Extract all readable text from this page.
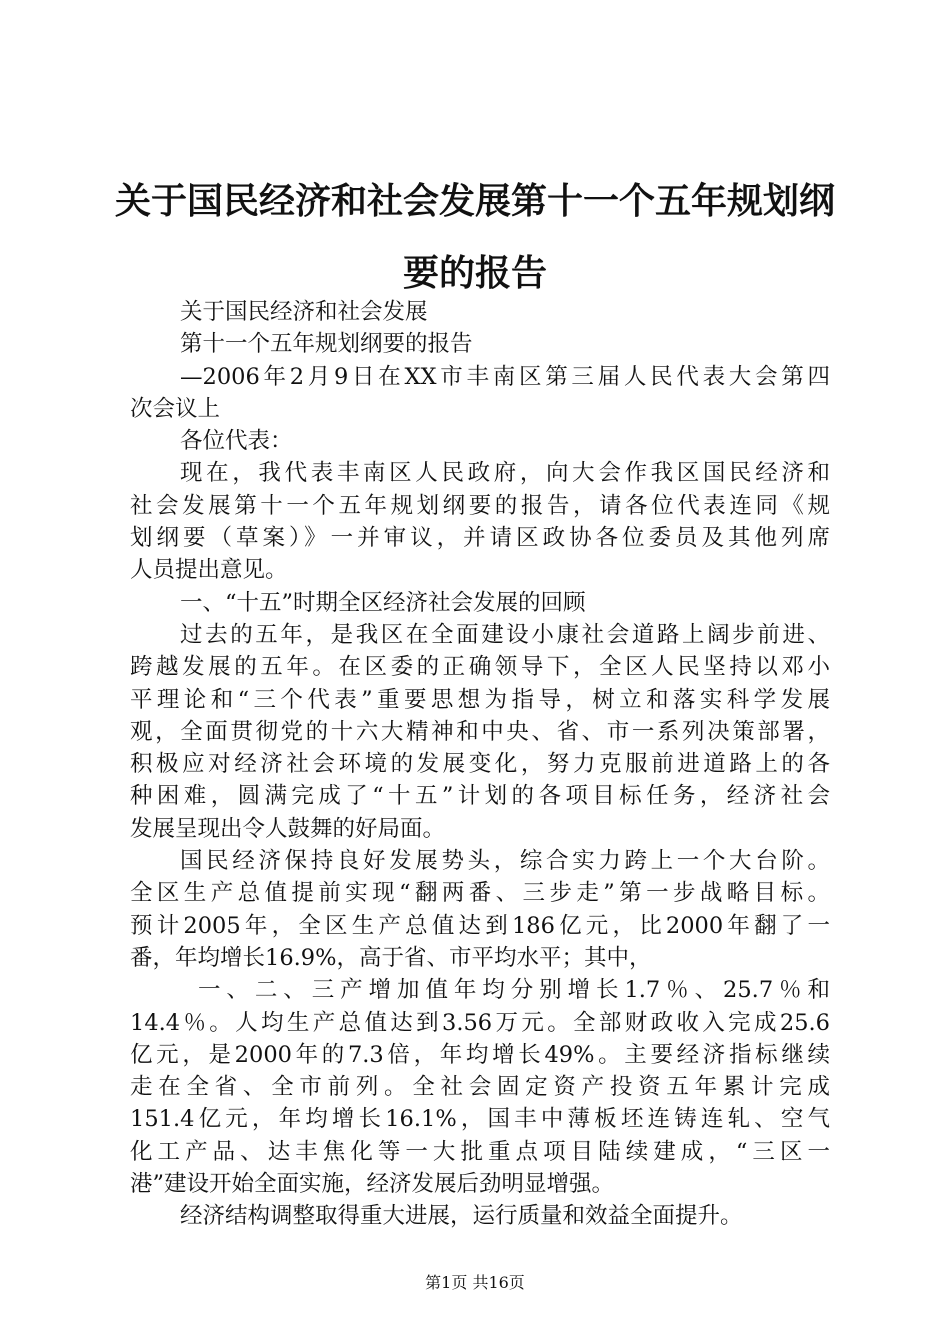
关于国民经济和社会发展第十一个五年规划纲
要的报告
关于国民经济和社会发展
第十一个五年规划纲要的报告
—2006年2月9日在XX市丰南区第三届人民代表大会第四
次会议上
各位代表：
现在，我代表丰南区人民政府，向大会作我区国民经济和
社会发展第十一个五年规划纲要的报告，请各位代表连同《规
划纲要（草案）》一并审议，并请区政协各位委员及其他列席
人员提出意见。
一、“十五”时期全区经济社会发展的回顾
过去的五年，是我区在全面建设小康社会道路上阔步前进、
跨越发展的五年。在区委的正确领导下，全区人民坚持以邓小
平理论和“三个代表”重要思想为指导，树立和落实科学发展
观，全面贯彻党的十六大精神和中央、省、市一系列决策部署，
积极应对经济社会环境的发展变化，努力克服前进道路上的各
种困难，圆满完成了“十五”计划的各项目标任务，经济社会
发展呈现出令人鼓舞的好局面。
国民经济保持良好发展势头，综合实力跨上一个大台阶。
全区生产总值提前实现“翻两番、三步走”第一步战略目标。
预计2005年，全区生产总值达到186亿元，比2000年翻了一
番，年均增长16.9%，高于省、市平均水平；其中，
一、二、三产增加值年均分别增长1.7％、25.7％和
14.4％。人均生产总值达到3.56万元。全部财政收入完成25.6
亿元，是2000年的7.3倍，年均增长49%。主要经济指标继续
走在全省、全市前列。全社会固定资产投资五年累计完成
151.4亿元，年均增长16.1%，国丰中薄板坯连铸连轧、空气
化工产品、达丰焦化等一大批重点项目陆续建成，“三区一
港”建设开始全面实施，经济发展后劲明显增强。
经济结构调整取得重大进展，运行质量和效益全面提升。
第1页 共16页
